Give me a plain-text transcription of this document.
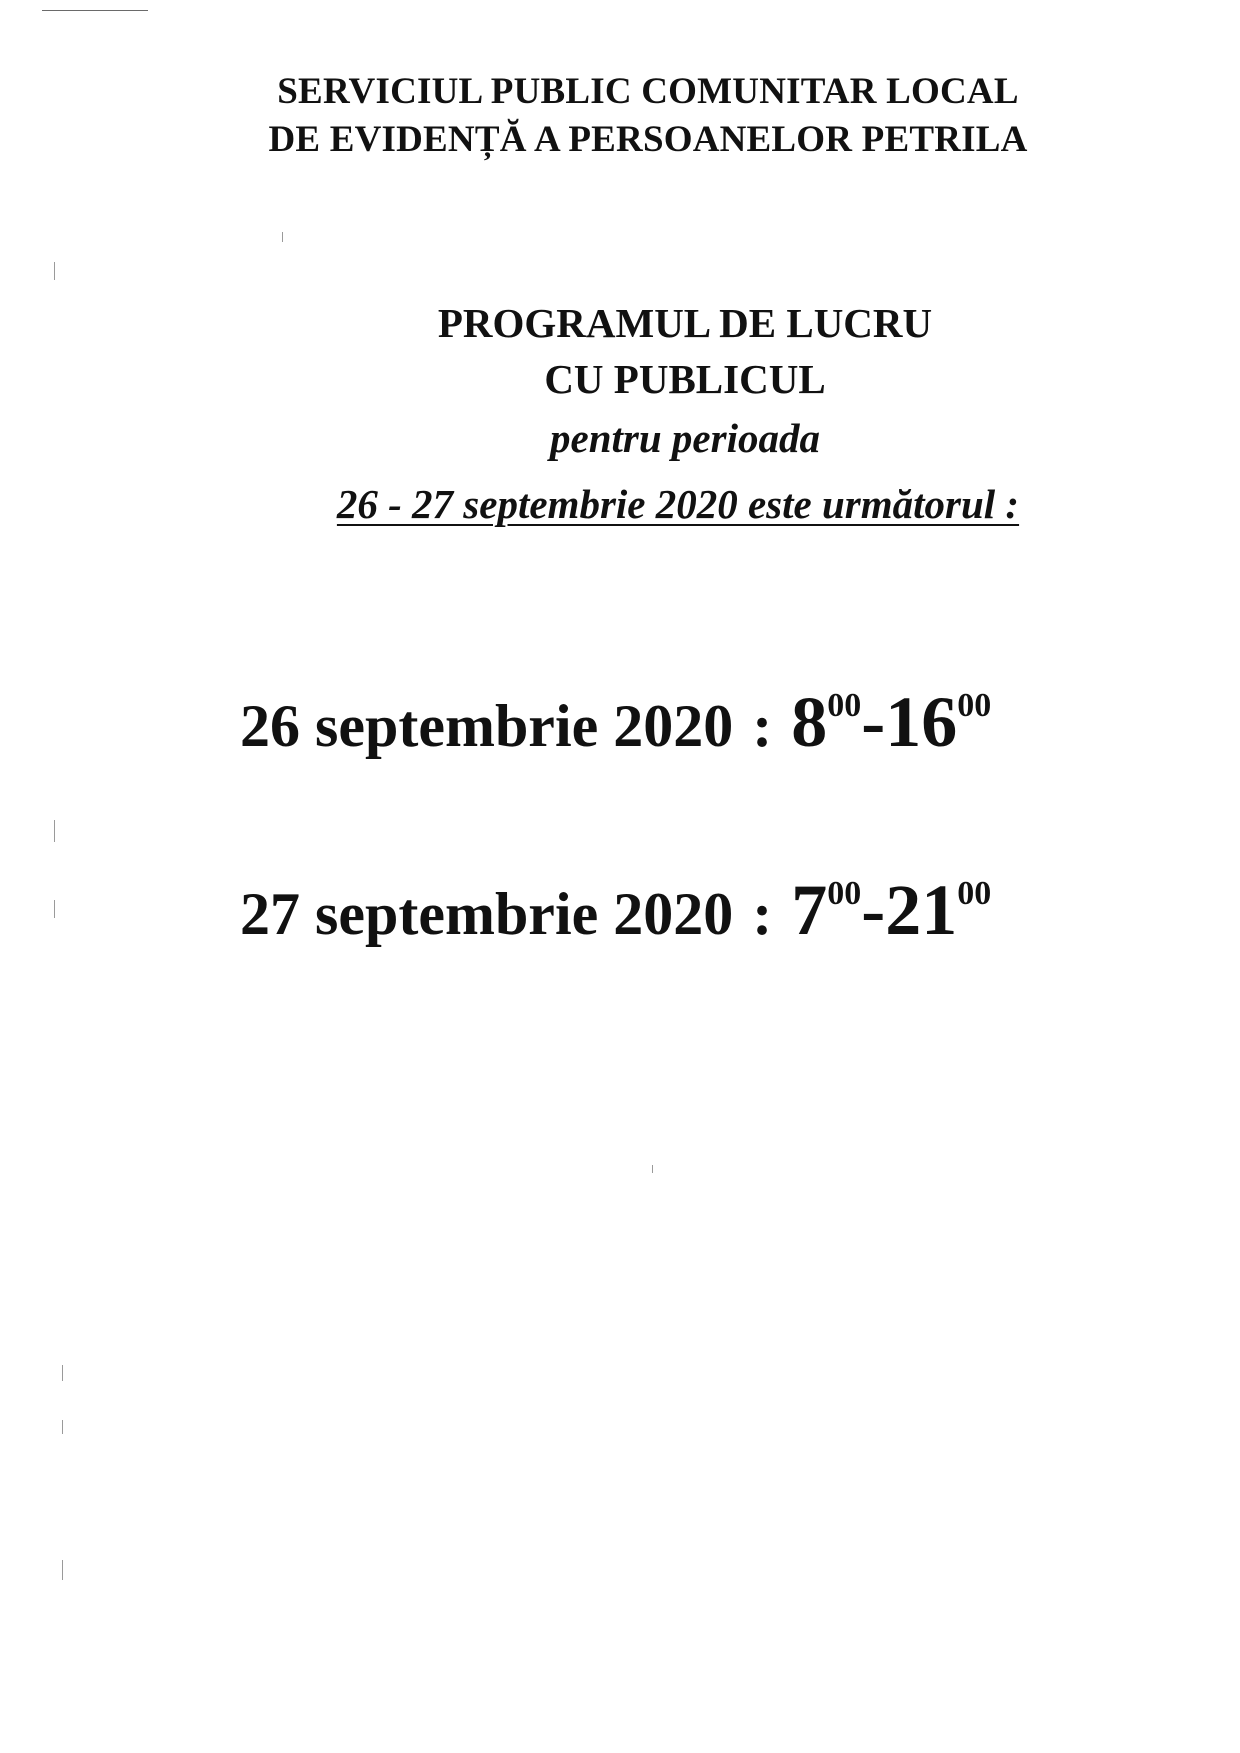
SERVICIUL PUBLIC COMUNITAR LOCAL
DE EVIDENȚĂ A PERSOANELOR PETRILA
PROGRAMUL DE LUCRU
CU PUBLICUL
pentru perioada
26 - 27 septembrie 2020 este următorul :
26 septembrie 2020  :  $8^{00}-16^{00}$
27 septembrie 2020  :  $7^{00}-21^{00}$
